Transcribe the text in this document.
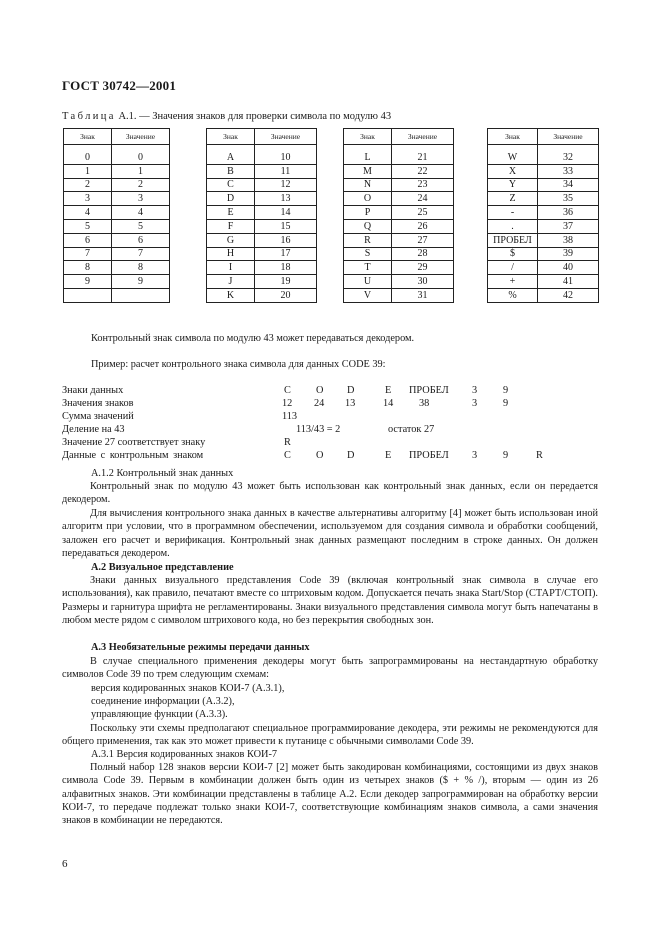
ГОСТ 30742—2001
Таблица А.1. — Значения знаков для проверки символа по модулю 43
Знак	Значение

0	0
1	1
2	2
3	3
4	4
5	5
6	6
7	7
8	8
9	9

Знак	Значение

A	10
B	11
C	12
D	13
E	14
F	15
G	16
H	17
I	18
J	19
K	20
Знак	Значение

L	21
M	22
N	23
O	24
P	25
Q	26
R	27
S	28
T	29
U	30
V	31
Знак	Значение

W	32
X	33
Y	34
Z	35
-	36
.	37
ПРОБЕЛ	38
$	39
/	40
+	41
%	42
Контрольный знак символа по модулю 43 может передаваться декодером.
Пример: расчет контрольного знака символа для данных CODE 39:
Знаки данных	C O D	E ПРОБЕЛ 3	9
Значения знаков	12 24 13	14 38	3	9
Сумма значений	113
Деление на 43	113/43 = 2	остаток 27
Значение 27 соответствует знаку	R
Данные с контрольным знаком	C O D	E ПРОБЕЛ 3	9	R
А.1.2 Контрольный знак данных
Контрольный знак по модулю 43 может быть использован как контрольный знак данных, если он передается декодером.
Для вычисления контрольного знака данных в качестве альтернативы алгоритму [4] может быть использован иной алгоритм при условии, что в программном обеспечении, используемом для создания символа и обработки сообщений, заложен его расчет и верификация. Контрольный знак данных размещают последним в строке данных. Он должен передаваться декодером.
А.2 Визуальное представление
Знаки данных визуального представления Code 39 (включая контрольный знак символа в случае его использования), как правило, печатают вместе со штриховым кодом. Допускается печать знака Start/Stop (СТАРТ/СТОП). Размеры и гарнитура шрифта не регламентированы. Знаки визуального представления символа могут быть напечатаны в любом месте рядом с символом штрихового кода, но без перекрытия свободных зон.
А.3 Необязательные режимы передачи данных
В случае специального применения декодеры могут быть запрограммированы на нестандартную обработку символов Code 39 по трем следующим схемам:
версия кодированных знаков КОИ-7 (А.3.1),
соединение информации (А.3.2),
управляющие функции (А.3.3).
Поскольку эти схемы предполагают специальное программирование декодера, эти режимы не рекомендуются для общего применения, так как это может привести к путанице с обычными символами Code 39.
А.3.1 Версия кодированных знаков КОИ-7
Полный набор 128 знаков версии КОИ-7 [2] может быть закодирован комбинациями, состоящими из двух знаков символа Code 39. Первым в комбинации должен быть один из четырех знаков ($ + % /), вторым — один из 26 алфавитных знаков. Эти комбинации представлены в таблице А.2. Если декодер запрограммирован на обработку версии КОИ-7, то передаче подлежат только знаки КОИ-7, соответствующие комбинациям знаков символа, а сами значения знаков в комбинации не передаются.
6
